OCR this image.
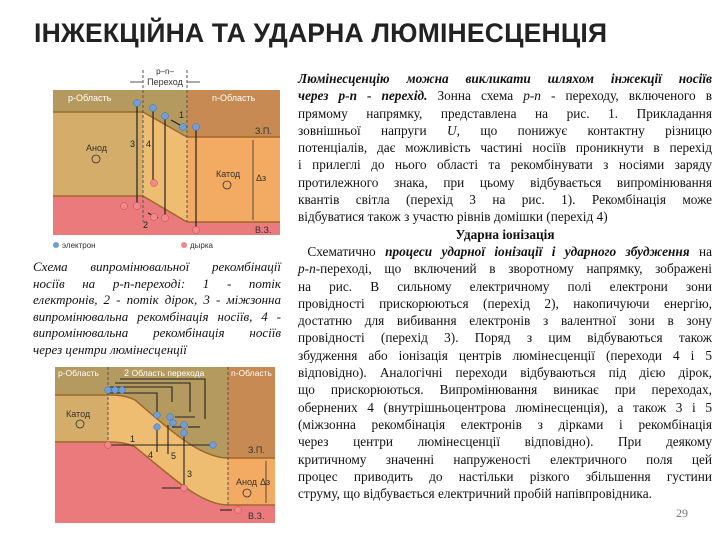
ІНЖЕКЦІЙНА ТА УДАРНА ЛЮМІНЕСЦЕНЦІЯ
p–n–
Переход
p-Область	n-Область
З.П.
В.З.
Анод
Катод Δз
1
2
3 4
электрон	дырка
Схема випромінювальної рекомбінації
носіїв на р-n-переході: 1 - потік
електронів, 2 - потік дірок, 3 - міжзонна
випромінювальна рекомбінація носіїв, 4 -
випромінювальна рекомбінація носіїв
через центри люмінесценції
p-Область	Область перехода	n-Область
Катод
Анод Δз
З.П.
В.З.
2
1
4 5
3
Люмінесценцію можна викликати шляхом інжекції носіїв
через p-n - перехід. Зонна схема p-n - переходу, включеного в
прямому напрямку, представлена на рис. 1. Прикладання
зовнішньої напруги U, що понижує контактну різницю
потенціалів, дає можливість частині носіїв проникнути в перехід
і прилеглі до нього області та рекомбінувати з носіями заряду
протилежного знака, при цьому відбувається випромінювання
квантів світла (перехід 3 на рис. 1). Рекомбінація може
відбуватися також з участю рівнів домішки (перехід 4)
Ударна іонізація
Схематично процеси ударної іонізації і ударного збудження на
p-n-переході, що включений в зворотному напрямку, зображені
на рис. В сильному електричному полі електрони зони
провідності прискорюються (перехід 2), накопичуючи енергію,
достатню для вибивання електронів з валентної зони в зону
провідності (перехід 3). Поряд з цим відбуваються також
збудження або іонізація центрів люмінесценції (переходи 4 і 5
відповідно). Аналогічні переходи відбуваються під дією дірок,
що прискорюються. Випромінювання виникає при переходах,
обернених 4 (внутрішньоцентрова люмінесценція), а також 3 і 5
(міжзонна рекомбінація електронів з дірками і рекомбінація
через центри люмінесценції відповідно). При деякому
критичному значенні напруженості електричного поля цей
процес приводить до настільки різкого збільшення густини
струму, що відбувається електричний пробій напівпровідника.
29
